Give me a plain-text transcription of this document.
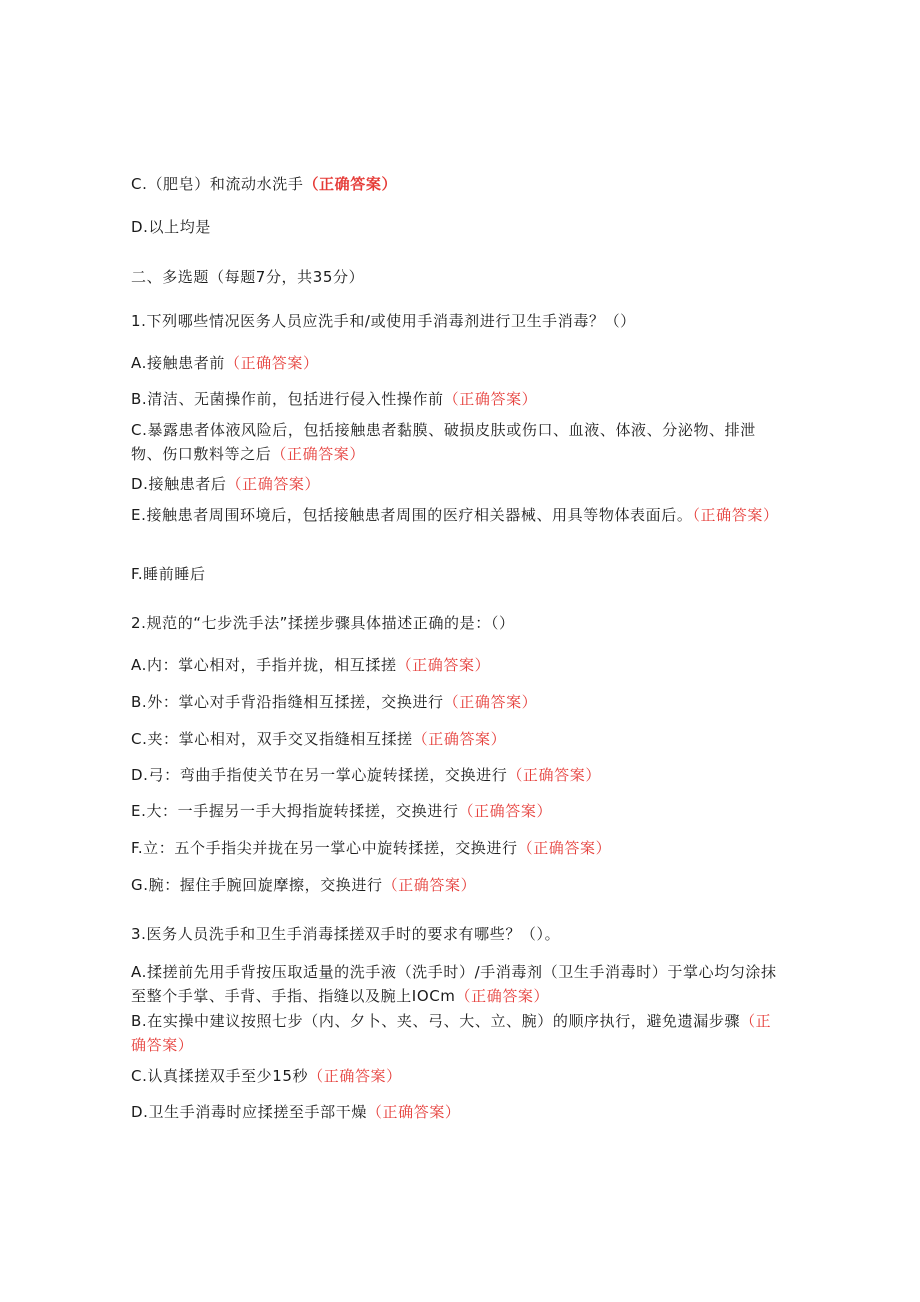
C.（肥皂）和流动水洗手（正确答案）
D.以上均是
二、多选题（每题7分，共35分）
1.下列哪些情况医务人员应洗手和/或使用手消毒剂进行卫生手消毒？（）
A.接触患者前（正确答案）
B.清洁、无菌操作前，包括进行侵入性操作前（正确答案）
C.暴露患者体液风险后，包括接触患者黏膜、破损皮肤或伤口、血液、体液、分泌物、排泄物、伤口敷料等之后（正确答案）
D.接触患者后（正确答案）
E.接触患者周围环境后，包括接触患者周围的医疗相关器械、用具等物体表面后。（正确答案）
F.睡前睡后
2.规范的“七步洗手法”揉搓步骤具体描述正确的是：（）
A.内：掌心相对，手指并拢，相互揉搓（正确答案）
B.外：掌心对手背沿指缝相互揉搓，交换进行（正确答案）
C.夹：掌心相对，双手交叉指缝相互揉搓（正确答案）
D.弓：弯曲手指使关节在另一掌心旋转揉搓，交换进行（正确答案）
E.大：一手握另一手大拇指旋转揉搓，交换进行（正确答案）
F.立：五个手指尖并拢在另一掌心中旋转揉搓，交换进行（正确答案）
G.腕：握住手腕回旋摩擦，交换进行（正确答案）
3.医务人员洗手和卫生手消毒揉搓双手时的要求有哪些？（）。
A.揉搓前先用手背按压取适量的洗手液（洗手时）/手消毒剂（卫生手消毒时）于掌心均匀涂抹至整个手掌、手背、手指、指缝以及腕上IOCm（正确答案）
B.在实操中建议按照七步（内、夕卜、夹、弓、大、立、腕）的顺序执行，避免遗漏步骤（正确答案）
C.认真揉搓双手至少15秒（正确答案）
D.卫生手消毒时应揉搓至手部干燥（正确答案）
